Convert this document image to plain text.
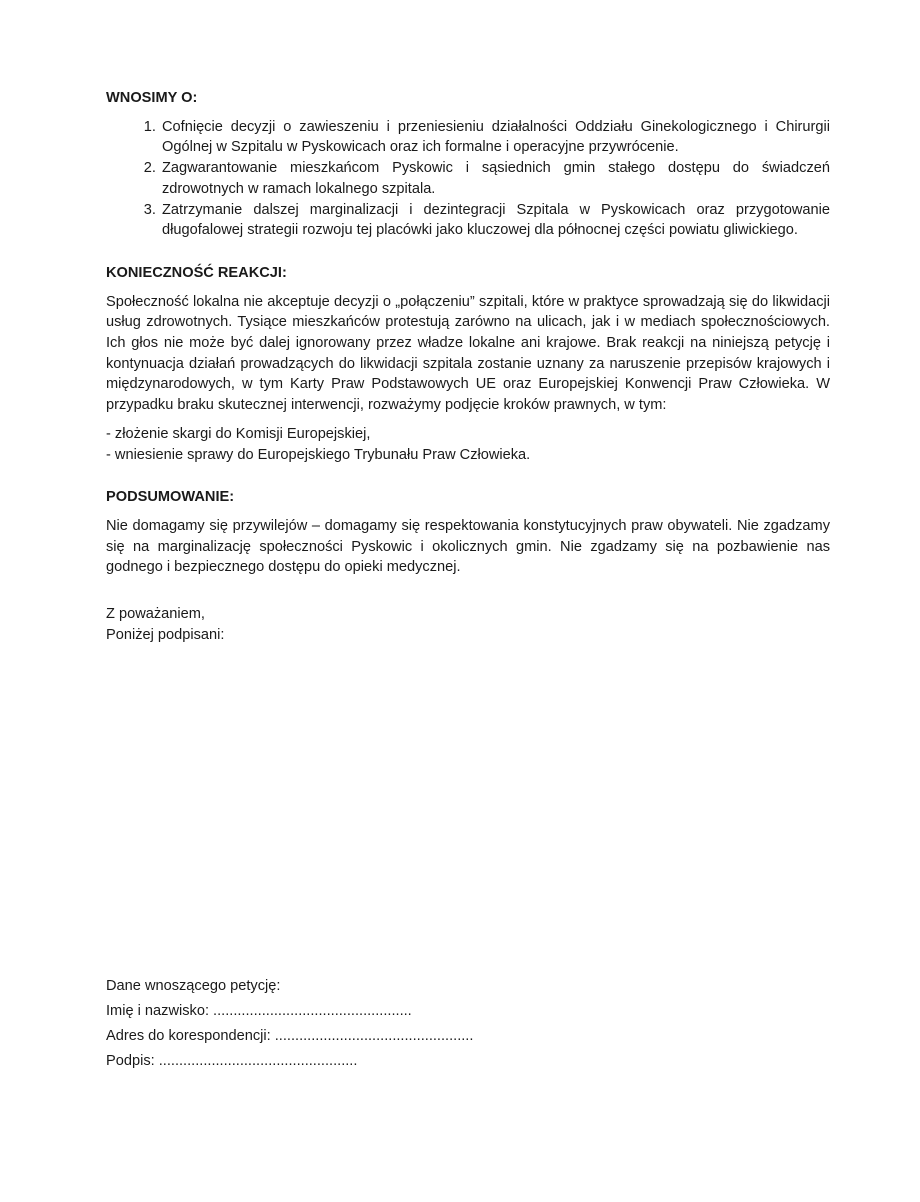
WNOSIMY O:
1. Cofnięcie decyzji o zawieszeniu i przeniesieniu działalności Oddziału Ginekologicznego i Chirurgii Ogólnej w Szpitalu w Pyskowicach oraz ich formalne i operacyjne przywrócenie.
2. Zagwarantowanie mieszkańcom Pyskowic i sąsiednich gmin stałego dostępu do świadczeń zdrowotnych w ramach lokalnego szpitala.
3. Zatrzymanie dalszej marginalizacji i dezintegracji Szpitala w Pyskowicach oraz przygotowanie długofalowej strategii rozwoju tej placówki jako kluczowej dla północnej części powiatu gliwickiego.
KONIECZNOŚĆ REAKCJI:

Społeczność lokalna nie akceptuje decyzji o „połączeniu” szpitali, które w praktyce sprowadzają się do likwidacji usług zdrowotnych. Tysiące mieszkańców protestują zarówno na ulicach, jak i w mediach społecznościowych. Ich głos nie może być dalej ignorowany przez władze lokalne ani krajowe. Brak reakcji na niniejszą petycję i kontynuacja działań prowadzących do likwidacji szpitala zostanie uznany za naruszenie przepisów krajowych i międzynarodowych, w tym Karty Praw Podstawowych UE oraz Europejskiej Konwencji Praw Człowieka. W przypadku braku skutecznej interwencji, rozważymy podjęcie kroków prawnych, w tym:

- złożenie skargi do Komisji Europejskiej,
- wniesienie sprawy do Europejskiego Trybunału Praw Człowieka.
PODSUMOWANIE:

Nie domagamy się przywilejów – domagamy się respektowania konstytucyjnych praw obywateli. Nie zgadzamy się na marginalizację społeczności Pyskowic i okolicznych gmin. Nie zgadzamy się na pozbawienie nas godnego i bezpiecznego dostępu do opieki medycznej.

Z poważaniem,
Poniżej podpisani:
Dane wnoszącego petycję:
Imię i nazwisko: .................................................
Adres do korespondencji: .................................................
Podpis: .................................................
